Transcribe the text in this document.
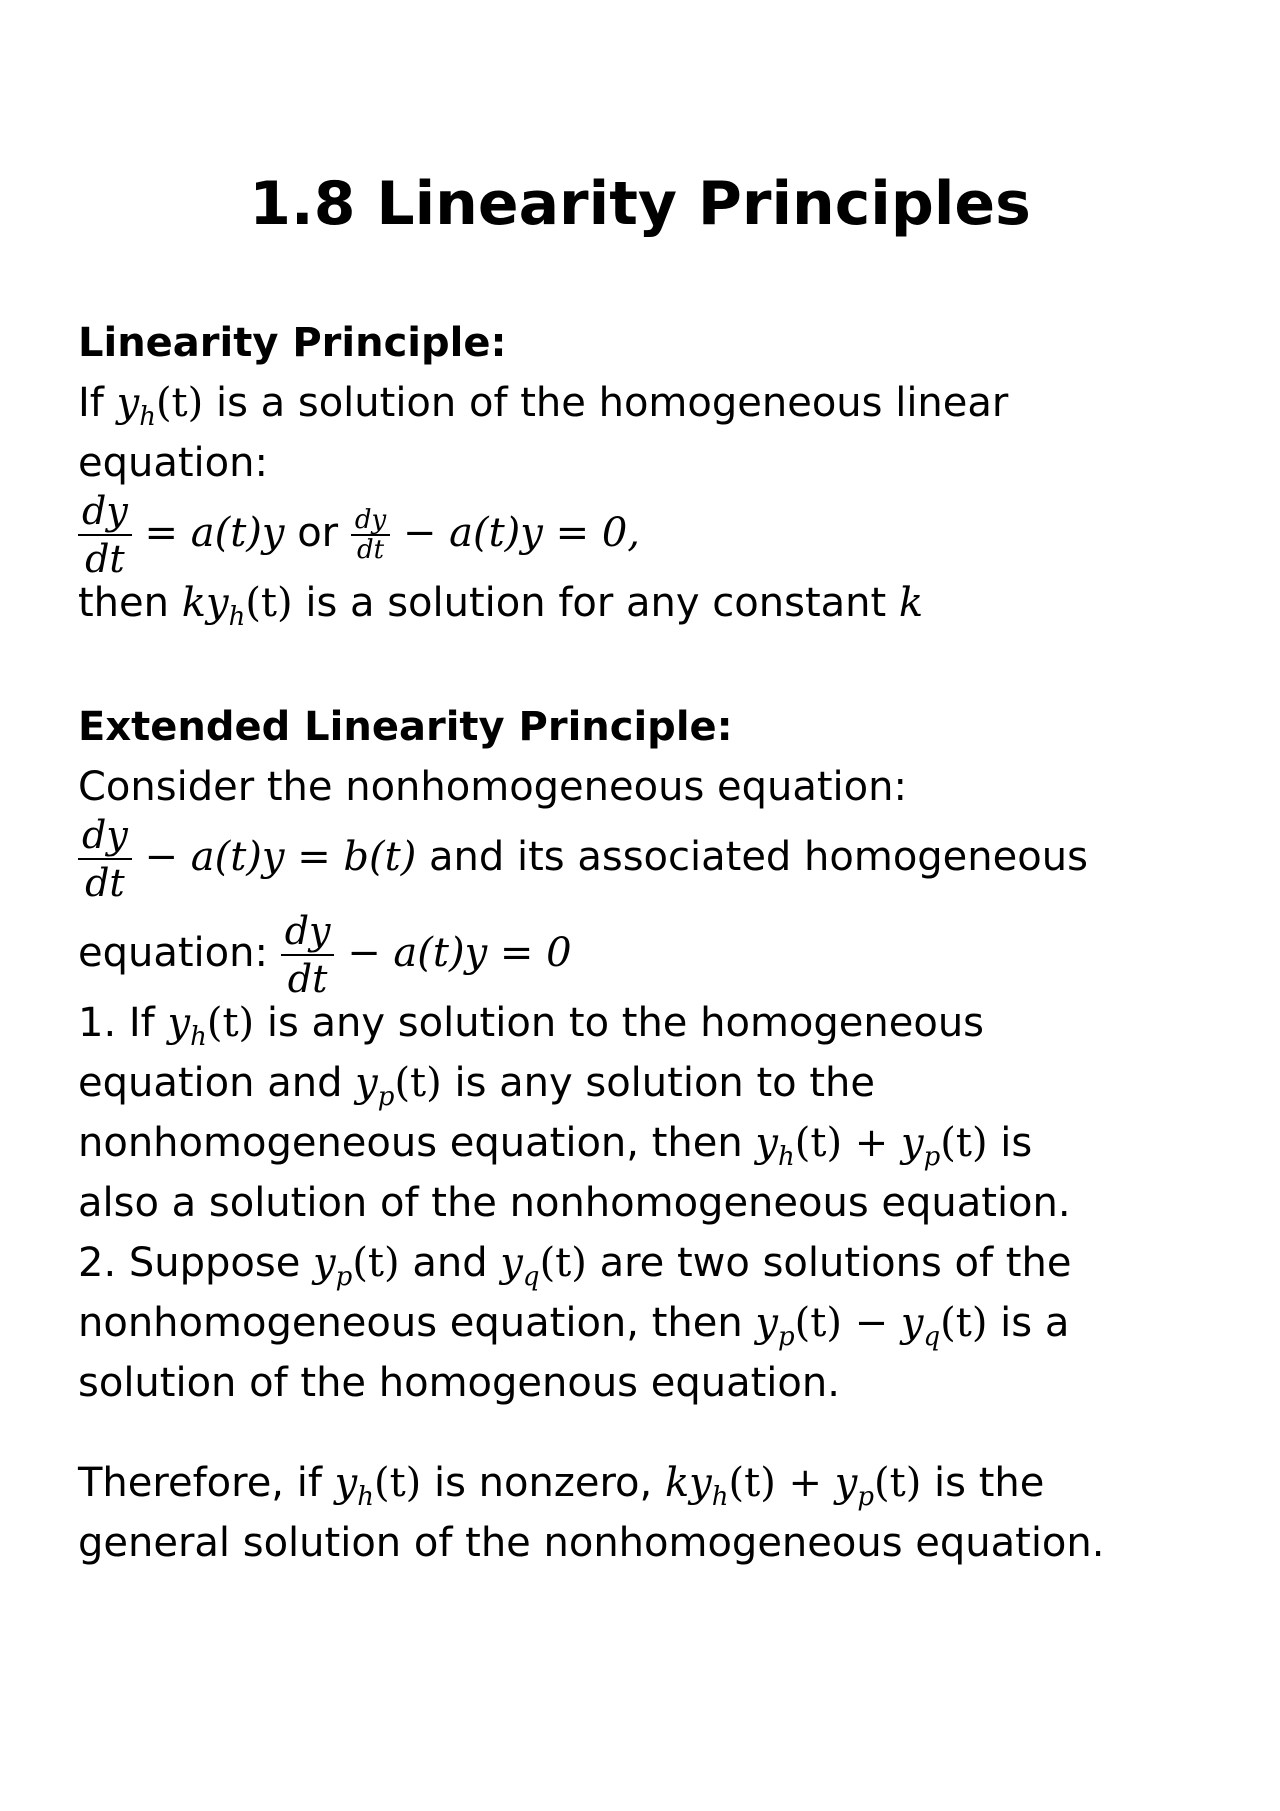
1.8 Linearity Principles
Linearity Principle:
If $y_h(t)$ is a solution of the homogeneous linear
equation:
$\frac{dy}{dt} = a(t)y$ or $\frac{dy}{dt} - a(t)y = 0$,
then $ky_h(t)$ is a solution for any constant k
Extended Linearity Principle:
Consider the nonhomogeneous equation:
$\frac{dy}{dt} - a(t)y = b(t)$ and its associated homogeneous
equation: $\frac{dy}{dt} - a(t)y = 0$
1. If $y_h(t)$ is any solution to the homogeneous
equation and $y_p(t)$ is any solution to the
nonhomogeneous equation, then $y_h(t) + y_p(t)$ is
also a solution of the nonhomogeneous equation.
2. Suppose $y_p(t)$ and $y_q(t)$ are two solutions of the
nonhomogeneous equation, then $y_p(t) - y_q(t)$ is a
solution of the homogenous equation.
Therefore, if $y_h(t)$ is nonzero, $ky_h(t) + y_p(t)$ is the
general solution of the nonhomogeneous equation.
